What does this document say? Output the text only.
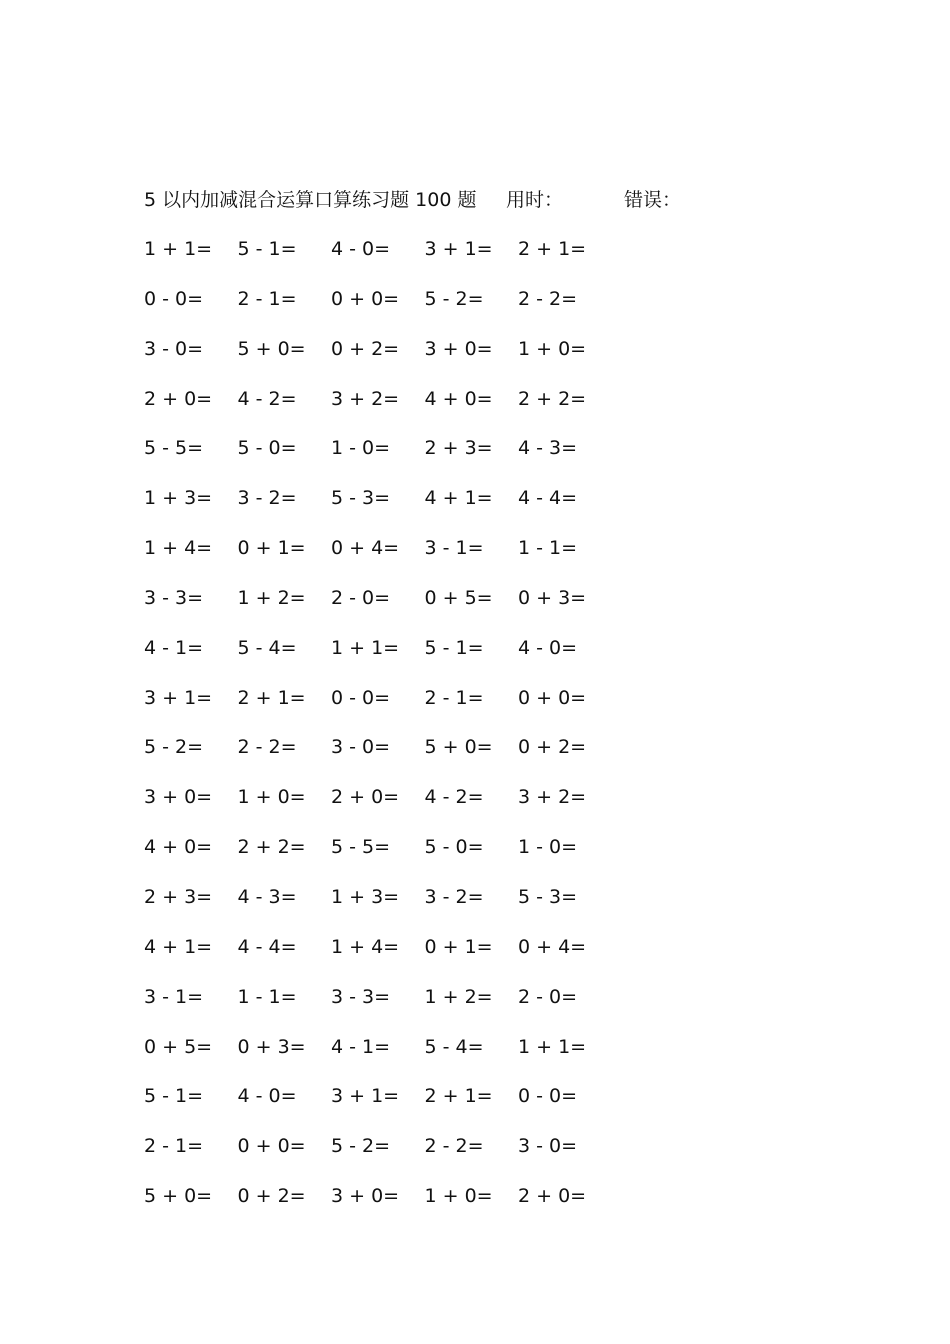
5 以内加减混合运算口算练习题 100 题 用时：	错误：
1 + 1= 5 - 1= 4 - 0= 3 + 1= 2 + 1=
0 - 0= 2 - 1= 0 + 0= 5 - 2= 2 - 2=
3 - 0= 5 + 0= 0 + 2= 3 + 0= 1 + 0=
2 + 0= 4 - 2= 3 + 2= 4 + 0= 2 + 2=
5 - 5= 5 - 0= 1 - 0= 2 + 3= 4 - 3=
1 + 3= 3 - 2= 5 - 3= 4 + 1= 4 - 4=
1 + 4= 0 + 1= 0 + 4= 3 - 1= 1 - 1=
3 - 3= 1 + 2= 2 - 0= 0 + 5= 0 + 3=
4 - 1= 5 - 4= 1 + 1= 5 - 1= 4 - 0=
3 + 1= 2 + 1= 0 - 0= 2 - 1= 0 + 0=
5 - 2= 2 - 2= 3 - 0= 5 + 0= 0 + 2=
3 + 0= 1 + 0= 2 + 0= 4 - 2= 3 + 2=
4 + 0= 2 + 2= 5 - 5= 5 - 0= 1 - 0=
2 + 3= 4 - 3= 1 + 3= 3 - 2= 5 - 3=
4 + 1= 4 - 4= 1 + 4= 0 + 1= 0 + 4=
3 - 1= 1 - 1= 3 - 3= 1 + 2= 2 - 0=
0 + 5= 0 + 3= 4 - 1= 5 - 4= 1 + 1=
5 - 1= 4 - 0= 3 + 1= 2 + 1= 0 - 0=
2 - 1= 0 + 0= 5 - 2= 2 - 2= 3 - 0=
5 + 0= 0 + 2= 3 + 0= 1 + 0= 2 + 0=
